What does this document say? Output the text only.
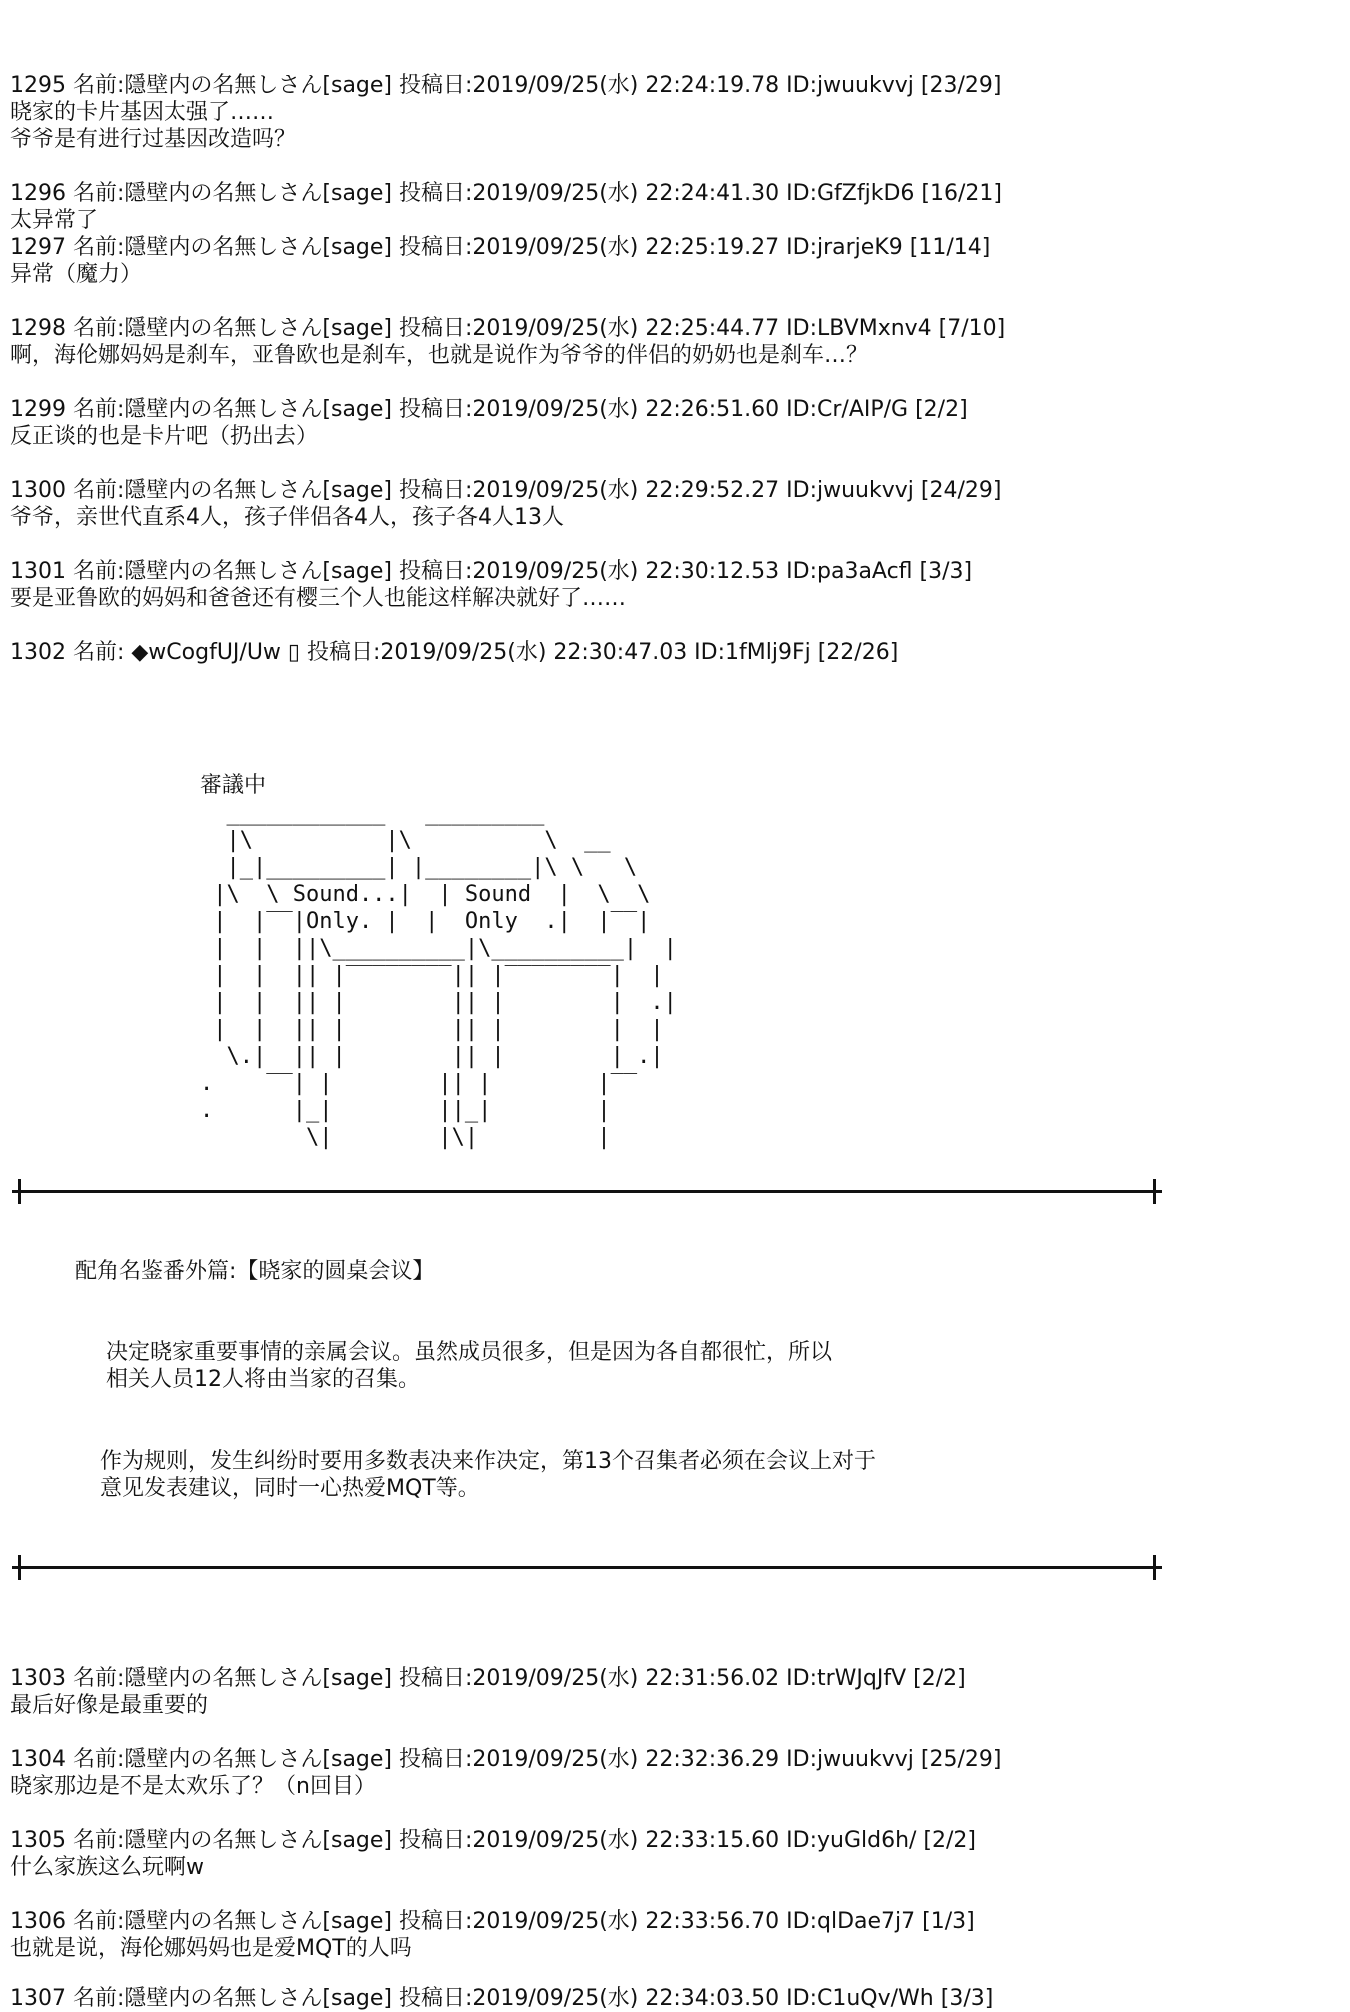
1295 名前:隱壁内の名無しさん[sage] 投稿日:2019/09/25(水) 22:24:19.78 ID:jwuukvvj [23/29]
晓家的卡片基因太强了……
爷爷是有进行过基因改造吗？
1296 名前:隱壁内の名無しさん[sage] 投稿日:2019/09/25(水) 22:24:41.30 ID:GfZfjkD6 [16/21]
太异常了
1297 名前:隱壁内の名無しさん[sage] 投稿日:2019/09/25(水) 22:25:19.27 ID:jrarjeK9 [11/14]
异常（魔力）
1298 名前:隱壁内の名無しさん[sage] 投稿日:2019/09/25(水) 22:25:44.77 ID:LBVMxnv4 [7/10]
啊，海伦娜妈妈是刹车，亚鲁欧也是刹车，也就是说作为爷爷的伴侣的奶奶也是刹车…？
1299 名前:隱壁内の名無しさん[sage] 投稿日:2019/09/25(水) 22:26:51.60 ID:Cr/AIP/G [2/2]
反正谈的也是卡片吧（扔出去）
1300 名前:隱壁内の名無しさん[sage] 投稿日:2019/09/25(水) 22:29:52.27 ID:jwuukvvj [24/29]
爷爷，亲世代直系4人，孩子伴侣各4人，孩子各4人13人
1301 名前:隱壁内の名無しさん[sage] 投稿日:2019/09/25(水) 22:30:12.53 ID:pa3aAcfl [3/3]
要是亚鲁欧的妈妈和爸爸还有樱三个人也能这样解决就好了……
1302 名前: ◆wCogfUJ/Uw ▯ 投稿日:2019/09/25(水) 22:30:47.03 ID:1fMlj9Fj [22/26]
審議中
____________   _________
|\          |\          \  __
|_|_________| |________|\ \   \
|\  \ Sound...|  | Sound  |  \  \
|  |‾‾|Only. |  |  Only  .|  |‾‾|
|  |  ||\__________|\__________|  |
|  |  || |‾‾‾‾‾‾‾‾|| |‾‾‾‾‾‾‾‾|  |
|  |  || |        || |        |  .|
|  |  || |        || |        |  |
\.|  || |        || |        | .|
.    ‾‾| |        || |        |‾‾
.      |_|        ||_|        |
\|        |\|         |
配角名鉴番外篇:【晓家的圆桌会议】
决定晓家重要事情的亲属会议。虽然成员很多，但是因为各自都很忙，所以
相关人员12人将由当家的召集。
作为规则，发生纠纷时要用多数表决来作决定，第13个召集者必须在会议上对于
意见发表建议，同时一心热爱MQT等。
1303 名前:隱壁内の名無しさん[sage] 投稿日:2019/09/25(水) 22:31:56.02 ID:trWJqJfV [2/2]
最后好像是最重要的
1304 名前:隱壁内の名無しさん[sage] 投稿日:2019/09/25(水) 22:32:36.29 ID:jwuukvvj [25/29]
晓家那边是不是太欢乐了？（n回目）
1305 名前:隱壁内の名無しさん[sage] 投稿日:2019/09/25(水) 22:33:15.60 ID:yuGld6h/ [2/2]
什么家族这么玩啊w
1306 名前:隱壁内の名無しさん[sage] 投稿日:2019/09/25(水) 22:33:56.70 ID:qlDae7j7 [1/3]
也就是说，海伦娜妈妈也是爱MQT的人吗
1307 名前:隱壁内の名無しさん[sage] 投稿日:2019/09/25(水) 22:34:03.50 ID:C1uQv/Wh [3/3]
